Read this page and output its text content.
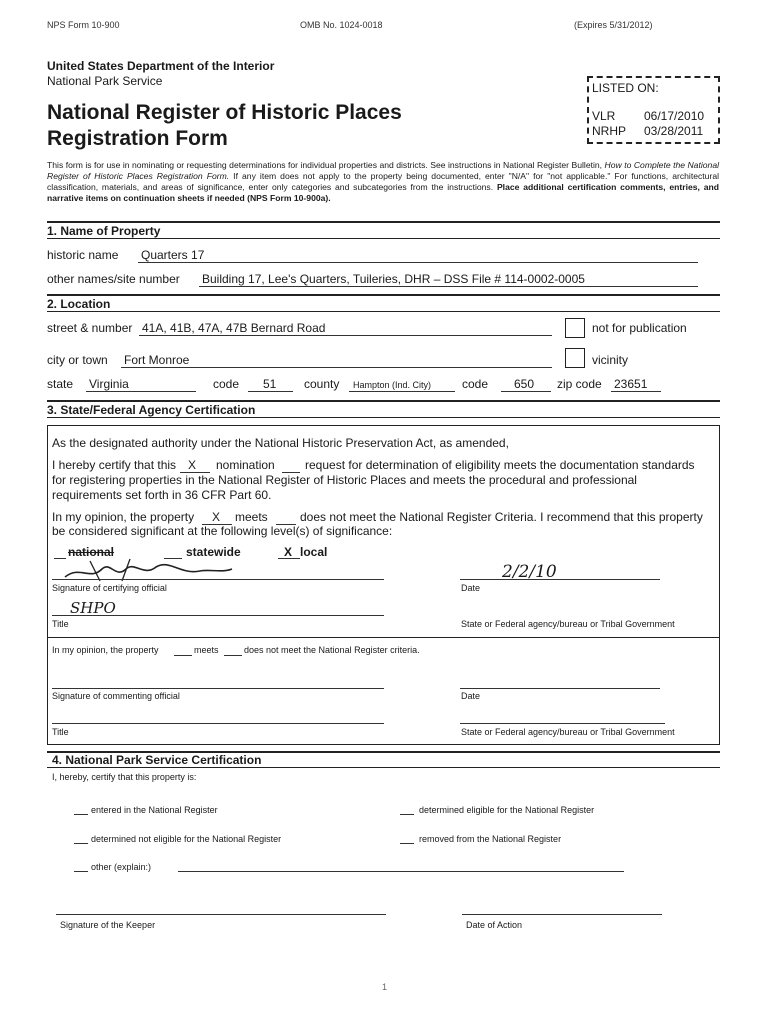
NPS Form 10-900	OMB No. 1024-0018	(Expires 5/31/2012)
United States Department of the Interior
National Park Service
National Register of Historic Places
Registration Form
LISTED ON:
VLR 06/17/2010
NRHP 03/28/2011
This form is for use in nominating or requesting determinations for individual properties and districts. See instructions in National Register Bulletin, How to Complete the National Register of Historic Places Registration Form. If any item does not apply to the property being documented, enter "N/A" for "not applicable." For functions, architectural classification, materials, and areas of significance, enter only categories and subcategories from the instructions. Place additional certification comments, entries, and narrative items on continuation sheets if needed (NPS Form 10-900a).
1. Name of Property
historic name Quarters 17
other names/site number Building 17, Lee's Quarters, Tuileries, DHR – DSS File # 114-0002-0005
2. Location
street & number 41A, 41B, 47A, 47B Bernard Road	not for publication
city or town Fort Monroe	vicinity
state Virginia	code 51 county Hampton (Ind. City)	code 650 zip code 23651
3. State/Federal Agency Certification
As the designated authority under the National Historic Preservation Act, as amended,
I hereby certify that this X nomination	request for determination of eligibility meets the documentation standards
for registering properties in the National Register of Historic Places and meets the procedural and professional
requirements set forth in 36 CFR Part 60.
In my opinion, the property X meets	does not meet the National Register Criteria. I recommend that this property
be considered significant at the following level(s) of significance:
national	statewide	X local
Signature of certifying official
2/2/10
Date
SHPO
Title	State or Federal agency/bureau or Tribal Government
In my opinion, the property	meets	does not meet the National Register criteria.
Signature of commenting official	Date
Title	State or Federal agency/bureau or Tribal Government
4. National Park Service Certification
I, hereby, certify that this property is:
entered in the National Register	determined eligible for the National Register
determined not eligible for the National Register	removed from the National Register
other (explain:)
Signature of the Keeper	Date of Action
1
